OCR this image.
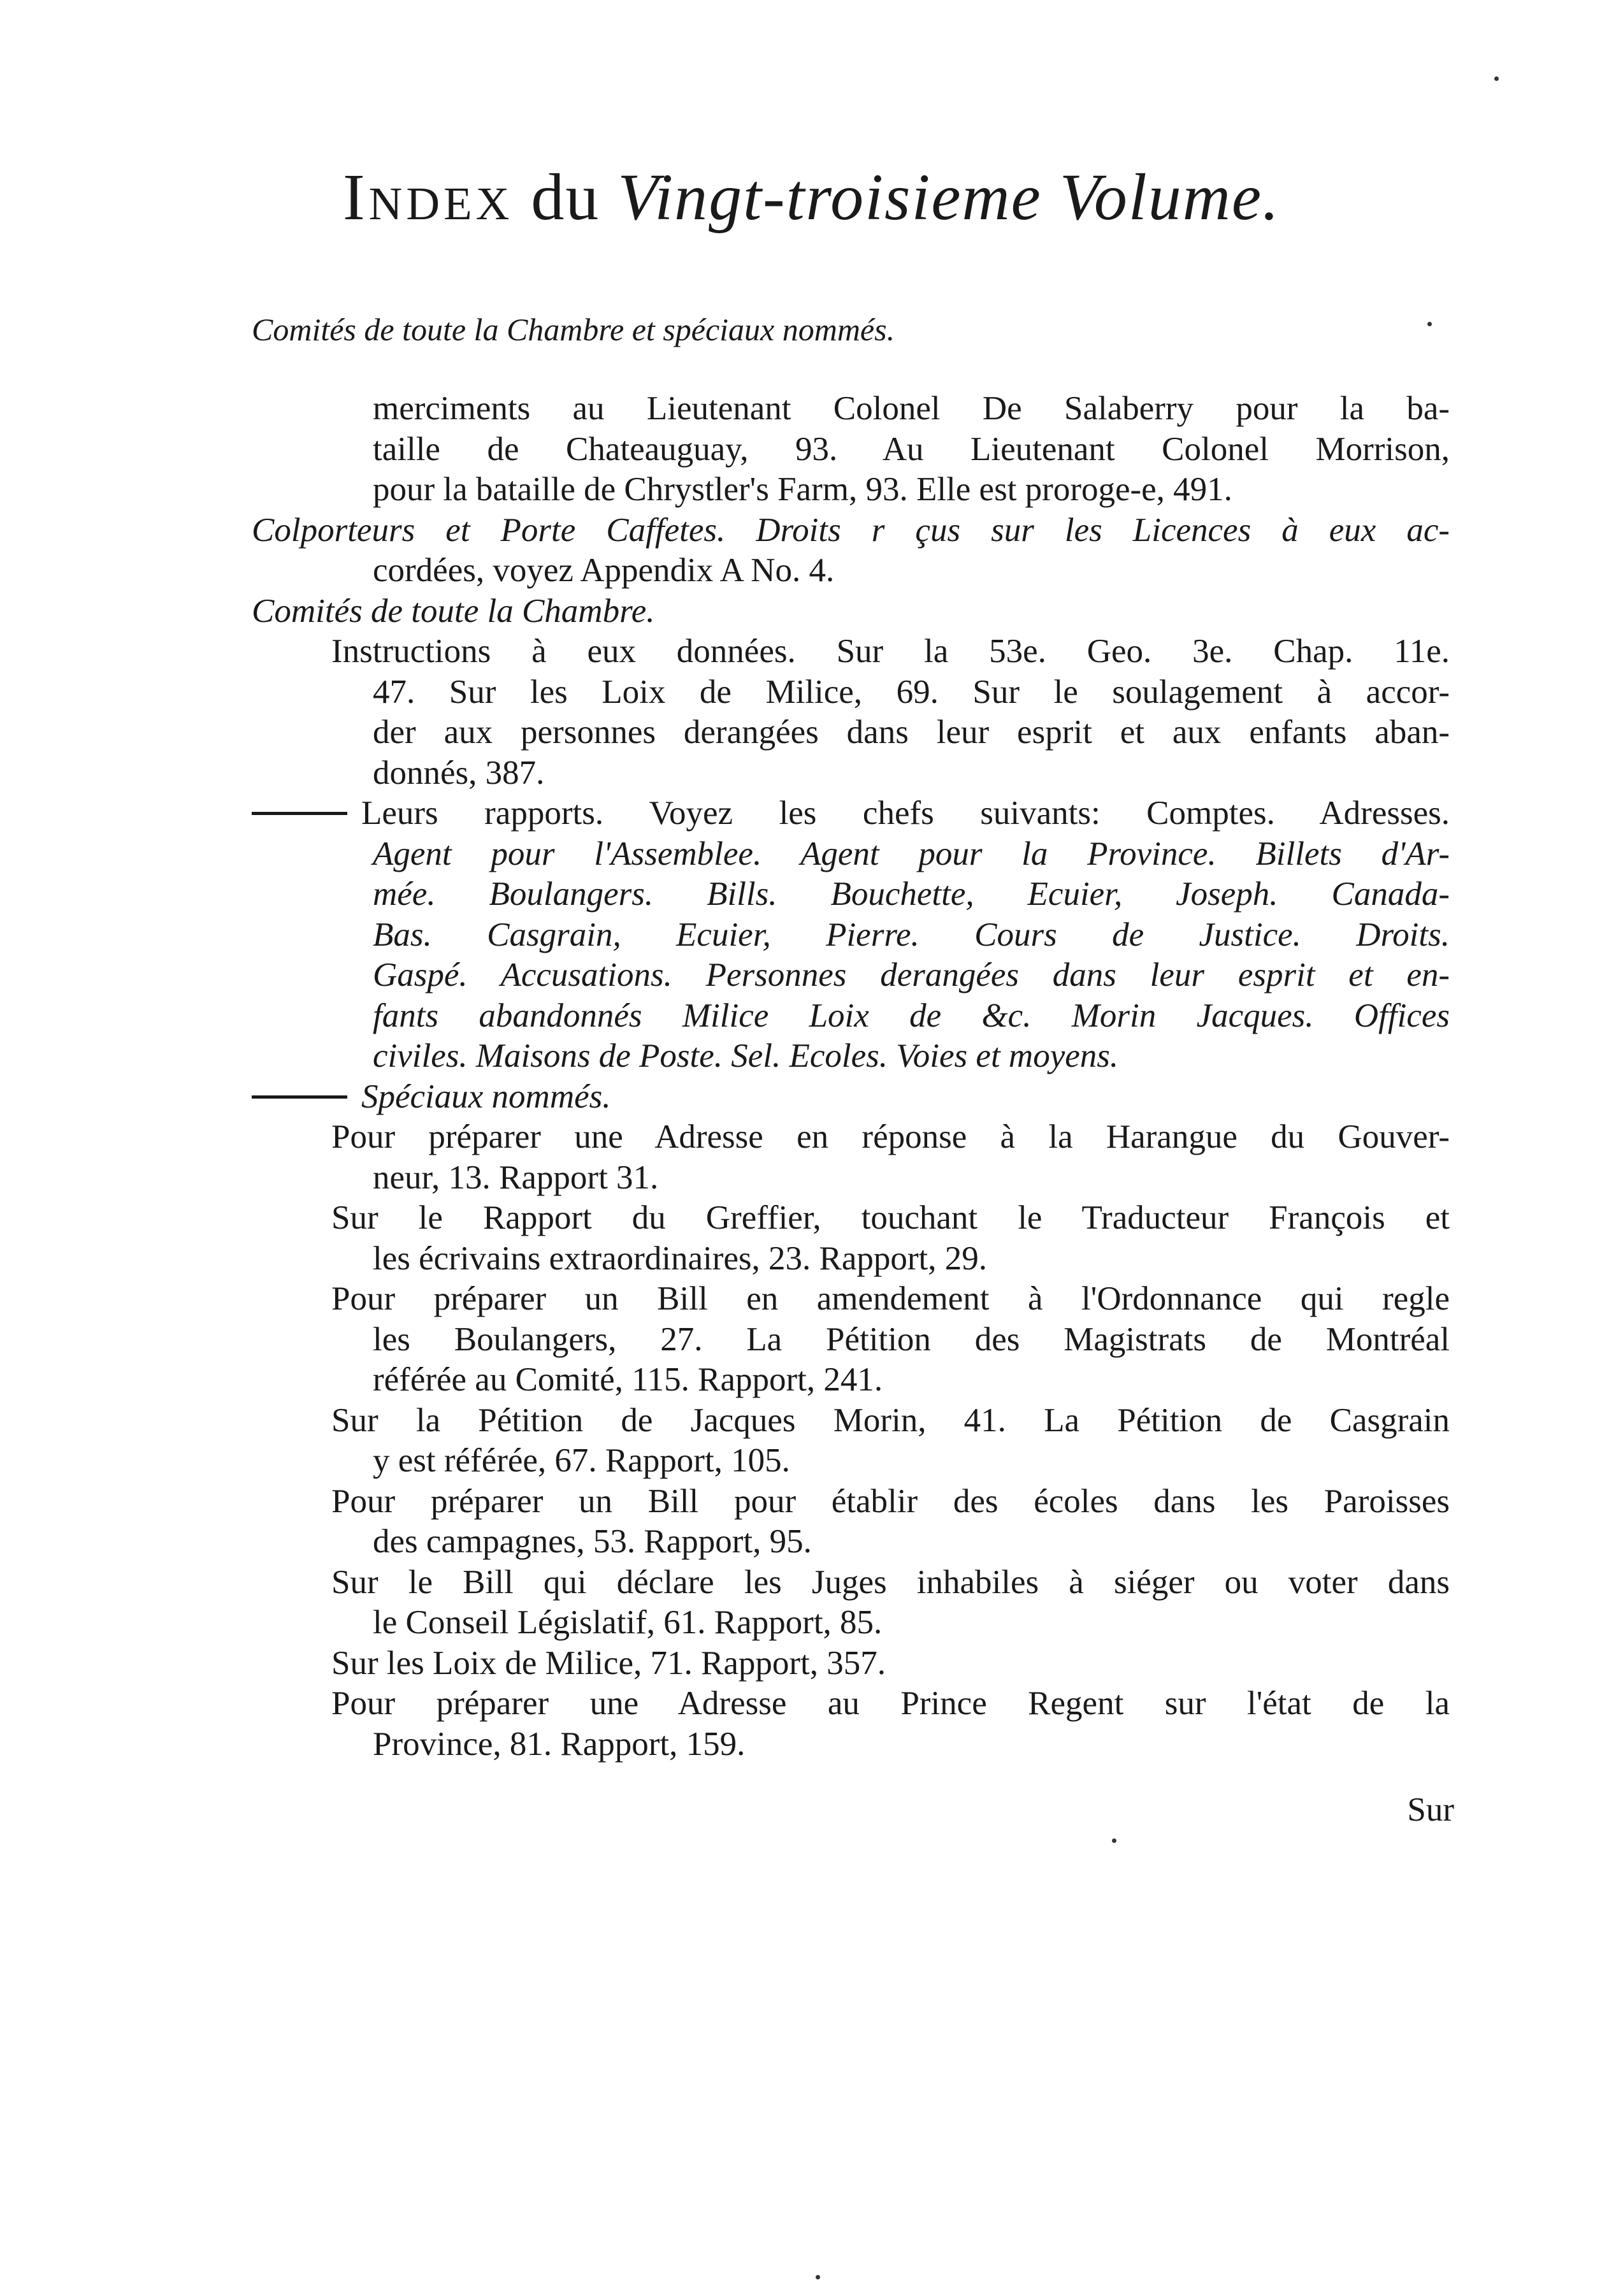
Index du Vingt-troisieme Volume.
Comités de toute la Chambre et spéciaux nommés.
merciments au Lieutenant Colonel De Salaberry pour la ba-
taille de Chateauguay, 93. Au Lieutenant Colonel Morrison,
pour la bataille de Chrystler's Farm, 93. Elle est proroge-e, 491.
Colporteurs et Porte Caffetes. Droits r çus sur les Licences à eux ac-
cordées, voyez Appendix A No. 4.
Comités de toute la Chambre.
Instructions à eux données. Sur la 53e. Geo. 3e. Chap. 11e.
47. Sur les Loix de Milice, 69. Sur le soulagement à accor-
der aux personnes derangées dans leur esprit et aux enfants aban-
donnés, 387.
Leurs rapports. Voyez les chefs suivants: Comptes. Adresses.
Agent pour l'Assemblee. Agent pour la Province. Billets d'Ar-
mée. Boulangers. Bills. Bouchette, Ecuier, Joseph. Canada-
Bas. Casgrain, Ecuier, Pierre. Cours de Justice. Droits.
Gaspé. Accusations. Personnes derangées dans leur esprit et en-
fants abandonnés Milice Loix de &c. Morin Jacques. Offices
civiles. Maisons de Poste. Sel. Ecoles. Voies et moyens.
Spéciaux nommés.
Pour préparer une Adresse en réponse à la Harangue du Gouver-
neur, 13. Rapport 31.
Sur le Rapport du Greffier, touchant le Traducteur François et
les écrivains extraordinaires, 23. Rapport, 29.
Pour préparer un Bill en amendement à l'Ordonnance qui regle
les Boulangers, 27. La Pétition des Magistrats de Montréal
référée au Comité, 115. Rapport, 241.
Sur la Pétition de Jacques Morin, 41. La Pétition de Casgrain
y est référée, 67. Rapport, 105.
Pour préparer un Bill pour établir des écoles dans les Paroisses
des campagnes, 53. Rapport, 95.
Sur le Bill qui déclare les Juges inhabiles à siéger ou voter dans
le Conseil Législatif, 61. Rapport, 85.
Sur les Loix de Milice, 71. Rapport, 357.
Pour préparer une Adresse au Prince Regent sur l'état de la
Province, 81. Rapport, 159.
Sur
